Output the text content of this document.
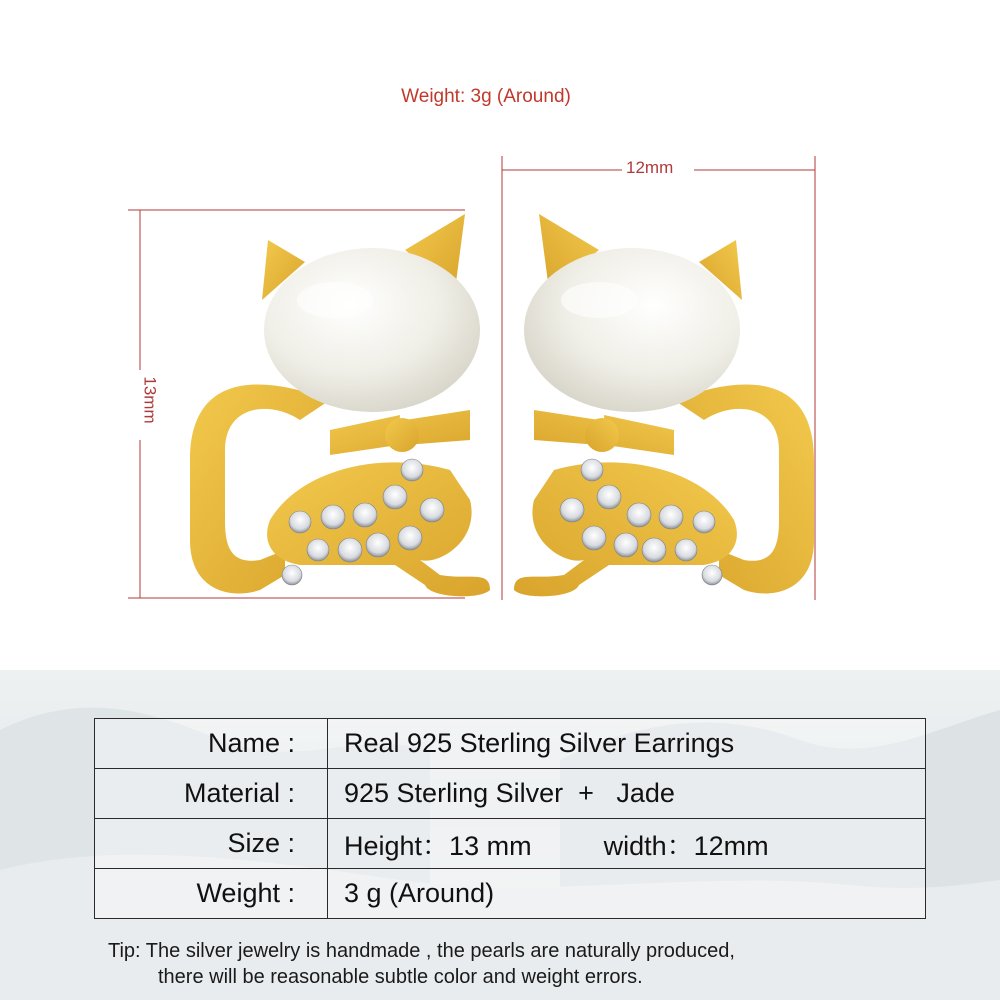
Weight: 3g (Around)
12mm
13mm
Name :	Real 925 Sterling Silver Earrings
Material :	925 Sterling Silver  +   Jade
Size :	Height：13 mm width：12mm
Weight :	3 g (Around)
Tip: The silver jewelry is handmade , the pearls are naturally produced,
there will be reasonable subtle color and weight errors.
